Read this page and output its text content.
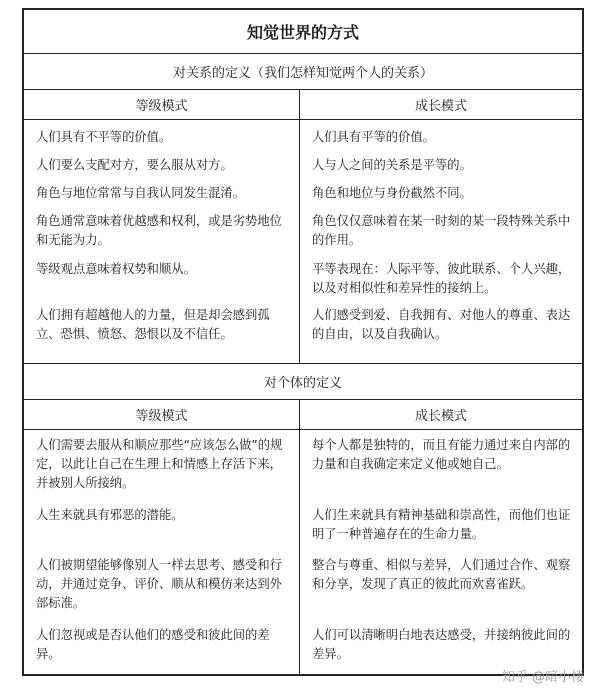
知觉世界的方式
对关系的定义（我们怎样知觉两个人的关系）
等级模式	成长模式

人们具有不平等的价值。

人们要么支配对方，要么服从对方。

角色与地位常常与自我认同发生混淆。

角色通常意味着优越感和权利，或是劣势地位和无能为力。

等级观点意味着权势和顺从。

人们拥有超越他人的力量，但是却会感到孤立、恐惧、愤怒、怨恨以及不信任。

人们具有平等的价值。

人与人之间的关系是平等的。

角色和地位与身份截然不同。

角色仅仅意味着在某一时刻的某一段特殊关系中的作用。

平等表现在：人际平等、彼此联系、个人兴趣，以及对相似性和差异性的接纳上。

人们感受到爱、自我拥有、对他人的尊重、表达的自由，以及自我确认。

对个体的定义
等级模式	成长模式

人们需要去服从和顺应那些“应该怎么做”的规定，以此让自己在生理上和情感上存活下来，并被别人所接纳。

人生来就具有邪恶的潜能。

人们被期望能够像别人一样去思考、感受和行动，并通过竞争、评价、顺从和模仿来达到外部标准。

人们忽视或是否认他们的感受和彼此间的差异。

每个人都是独特的，而且有能力通过来自内部的力量和自我确定来定义他或她自己。

人们生来就具有精神基础和崇高性，而他们也证明了一种普遍存在的生命力量。

整合与尊重、相似与差异，人们通过合作、观察和分享，发现了真正的彼此而欢喜雀跃。

人们可以清晰明白地表达感受，并接纳彼此间的差异。

知乎 @暗小楼
